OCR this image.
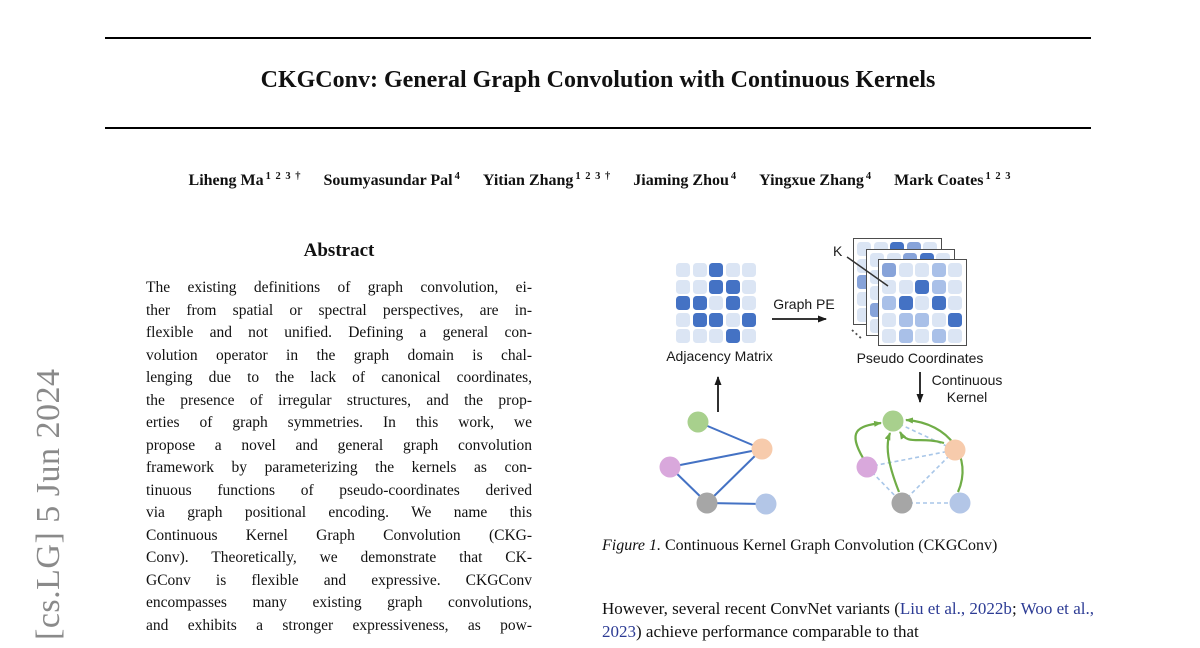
CKGConv: General Graph Convolution with Continuous Kernels
Liheng Ma $^{1 2 3 \dagger}$ Soumyasundar Pal $^4$ Yitian Zhang $^{1 2 3 \dagger}$ Jiaming Zhou $^4$ Yingxue Zhang $^4$ Mark Coates $^{1 2 3}$
[cs.LG] 5 Jun 2024
Abstract
The existing definitions of graph convolution, ei-
ther from spatial or spectral perspectives, are in-
flexible and not unified. Defining a general con-
volution operator in the graph domain is chal-
lenging due to the lack of canonical coordinates,
the presence of irregular structures, and the prop-
erties of graph symmetries. In this work, we
propose a novel and general graph convolution
framework by parameterizing the kernels as con-
tinuous functions of pseudo-coordinates derived
via graph positional encoding. We name this
Continuous Kernel Graph Convolution (CKG-
Conv). Theoretically, we demonstrate that CK-
GConv is flexible and expressive. CKGConv
encompasses many existing graph convolutions,
and exhibits a stronger expressiveness, as pow-
Adjacency Matrix
Graph PE
Pseudo Coordinates
K
Continuous
Kernel
Figure 1. Continuous Kernel Graph Convolution (CKGConv)
However, several recent ConvNet variants (Liu et al., 2022b; Woo et al., 2023) achieve performance comparable to that
